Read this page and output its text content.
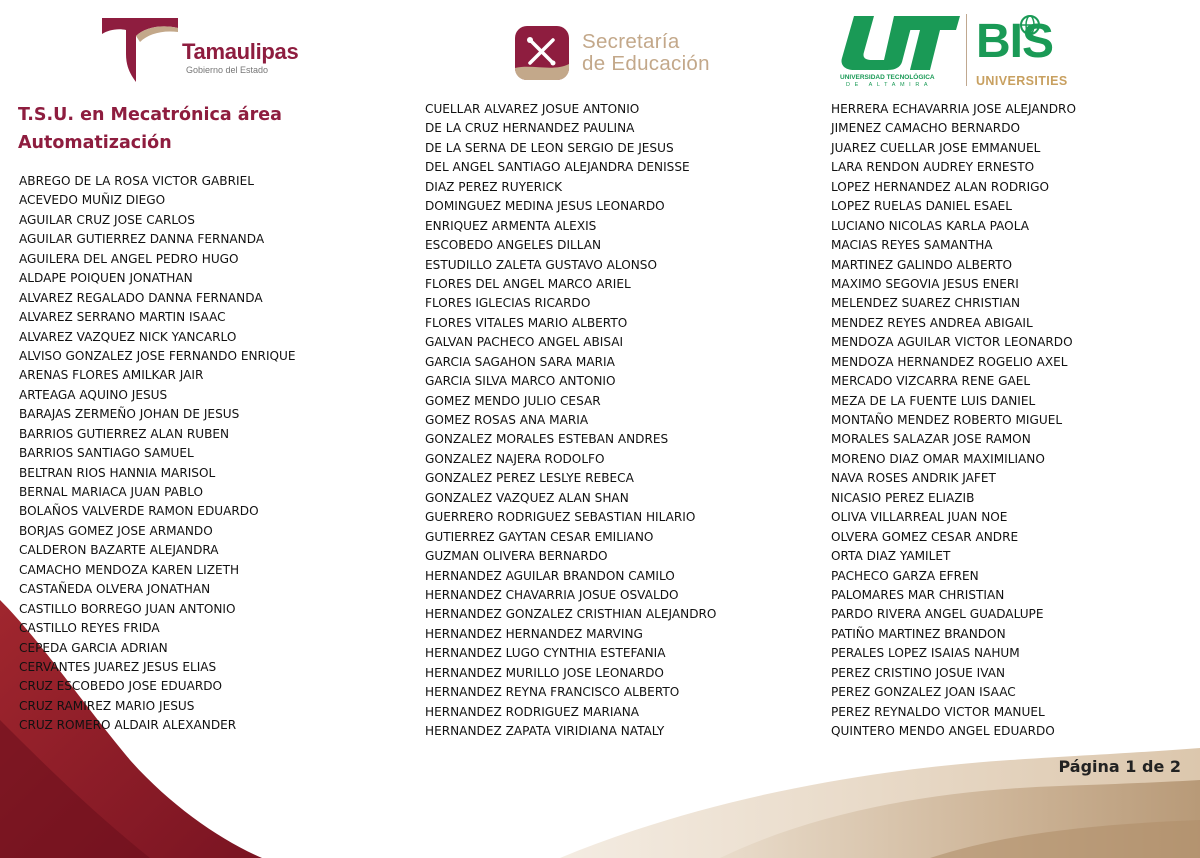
Tamaulipas
Gobierno del Estado
Secretaría
de Educación
UNIVERSIDAD TECNOLÓGICA
DE ALTAMIRA
BIS
UNIVERSITIES
T.S.U. en Mecatrónica área
Automatización
ABREGO DE LA ROSA VICTOR GABRIEL
ACEVEDO MUÑIZ DIEGO
AGUILAR CRUZ JOSE CARLOS
AGUILAR GUTIERREZ DANNA FERNANDA
AGUILERA DEL ANGEL PEDRO HUGO
ALDAPE POIQUEN JONATHAN
ALVAREZ REGALADO DANNA FERNANDA
ALVAREZ SERRANO MARTIN ISAAC
ALVAREZ VAZQUEZ NICK YANCARLO
ALVISO GONZALEZ JOSE FERNANDO ENRIQUE
ARENAS FLORES AMILKAR JAIR
ARTEAGA AQUINO JESUS
BARAJAS ZERMEÑO JOHAN DE JESUS
BARRIOS GUTIERREZ ALAN RUBEN
BARRIOS SANTIAGO SAMUEL
BELTRAN RIOS HANNIA MARISOL
BERNAL MARIACA JUAN PABLO
BOLAÑOS VALVERDE RAMON EDUARDO
BORJAS GOMEZ JOSE ARMANDO
CALDERON BAZARTE ALEJANDRA
CAMACHO MENDOZA KAREN LIZETH
CASTAÑEDA OLVERA JONATHAN
CASTILLO BORREGO JUAN ANTONIO
CASTILLO REYES FRIDA
CEPEDA GARCIA ADRIAN
CERVANTES JUAREZ JESUS ELIAS
CRUZ ESCOBEDO JOSE EDUARDO
CRUZ RAMIREZ MARIO JESUS
CRUZ ROMERO ALDAIR ALEXANDER
CUELLAR ALVAREZ JOSUE ANTONIO
DE LA CRUZ HERNANDEZ PAULINA
DE LA SERNA DE LEON SERGIO DE JESUS
DEL ANGEL SANTIAGO ALEJANDRA DENISSE
DIAZ PEREZ RUYERICK
DOMINGUEZ MEDINA JESUS LEONARDO
ENRIQUEZ ARMENTA ALEXIS
ESCOBEDO ANGELES DILLAN
ESTUDILLO ZALETA GUSTAVO ALONSO
FLORES DEL ANGEL MARCO ARIEL
FLORES IGLECIAS RICARDO
FLORES VITALES MARIO ALBERTO
GALVAN PACHECO ANGEL ABISAI
GARCIA SAGAHON SARA MARIA
GARCIA SILVA MARCO ANTONIO
GOMEZ MENDO JULIO CESAR
GOMEZ ROSAS ANA MARIA
GONZALEZ MORALES ESTEBAN ANDRES
GONZALEZ NAJERA RODOLFO
GONZALEZ PEREZ LESLYE REBECA
GONZALEZ VAZQUEZ ALAN SHAN
GUERRERO RODRIGUEZ SEBASTIAN HILARIO
GUTIERREZ GAYTAN CESAR EMILIANO
GUZMAN OLIVERA BERNARDO
HERNANDEZ AGUILAR BRANDON CAMILO
HERNANDEZ CHAVARRIA JOSUE OSVALDO
HERNANDEZ GONZALEZ CRISTHIAN ALEJANDRO
HERNANDEZ HERNANDEZ MARVING
HERNANDEZ LUGO CYNTHIA ESTEFANIA
HERNANDEZ MURILLO JOSE LEONARDO
HERNANDEZ REYNA FRANCISCO ALBERTO
HERNANDEZ RODRIGUEZ MARIANA
HERNANDEZ ZAPATA VIRIDIANA NATALY
HERRERA ECHAVARRIA JOSE ALEJANDRO
JIMENEZ CAMACHO BERNARDO
JUAREZ CUELLAR JOSE EMMANUEL
LARA RENDON AUDREY ERNESTO
LOPEZ HERNANDEZ ALAN RODRIGO
LOPEZ RUELAS DANIEL ESAEL
LUCIANO NICOLAS KARLA PAOLA
MACIAS REYES SAMANTHA
MARTINEZ GALINDO ALBERTO
MAXIMO SEGOVIA JESUS ENERI
MELENDEZ SUAREZ CHRISTIAN
MENDEZ REYES ANDREA ABIGAIL
MENDOZA AGUILAR VICTOR LEONARDO
MENDOZA HERNANDEZ ROGELIO AXEL
MERCADO VIZCARRA RENE GAEL
MEZA DE LA FUENTE LUIS DANIEL
MONTAÑO MENDEZ ROBERTO MIGUEL
MORALES SALAZAR JOSE RAMON
MORENO DIAZ OMAR MAXIMILIANO
NAVA ROSES ANDRIK JAFET
NICASIO PEREZ ELIAZIB
OLIVA VILLARREAL JUAN NOE
OLVERA GOMEZ CESAR ANDRE
ORTA DIAZ YAMILET
PACHECO GARZA EFREN
PALOMARES MAR CHRISTIAN
PARDO RIVERA ANGEL GUADALUPE
PATIÑO MARTINEZ BRANDON
PERALES LOPEZ ISAIAS NAHUM
PEREZ CRISTINO JOSUE IVAN
PEREZ GONZALEZ JOAN ISAAC
PEREZ REYNALDO VICTOR MANUEL
QUINTERO MENDO ANGEL EDUARDO
Página 1 de 2
